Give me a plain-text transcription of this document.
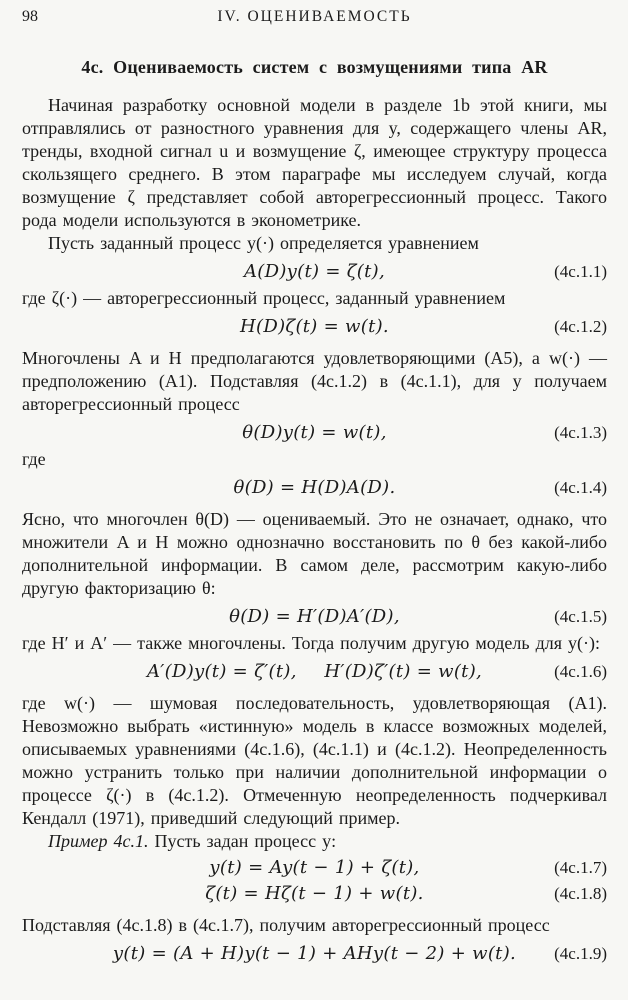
98	IV. ОЦЕНИВАЕМОСТЬ
4c. Оцениваемость систем с возмущениями типа AR

Начиная разработку основной модели в разделе 1b этой книги, мы отправлялись от разностного уравнения для y, содержащего члены AR, тренды, входной сигнал u и возмущение ζ, имеющее структуру процесса скользящего среднего. В этом параграфе мы исследуем случай, когда возмущение ζ представляет собой авторегрессионный процесс. Такого рода модели используются в эконометрике.

Пусть заданный процесс y(·) определяется уравнением

A(D)y(t) = ζ(t),	(4c.1.1)

где ζ(·) — авторегрессионный процесс, заданный уравнением

H(D)ζ(t) = w(t).	(4c.1.2)

Многочлены A и H предполагаются удовлетворяющими (A5), а w(·) — предположению (A1). Подставляя (4c.1.2) в (4c.1.1), для y получаем авторегрессионный процесс

θ(D)y(t) = w(t),	(4c.1.3)

где

θ(D) = H(D)A(D).	(4c.1.4)

Ясно, что многочлен θ(D) — оцениваемый. Это не означает, однако, что множители A и H можно однозначно восстановить по θ без какой-либо дополнительной информации. В самом деле, рассмотрим какую-либо другую факторизацию θ:

θ(D) = H′(D)A′(D),	(4c.1.5)

где H′ и A′ — также многочлены. Тогда получим другую модель для y(·):

A′(D)y(t) = ζ′(t),  H′(D)ζ′(t) = w(t),	(4c.1.6)

где w(·) — шумовая последовательность, удовлетворяющая (A1). Невозможно выбрать «истинную» модель в классе возможных моделей, описываемых уравнениями (4c.1.6), (4c.1.1) и (4c.1.2). Неопределенность можно устранить только при наличии дополнительной информации о процессе ζ(·) в (4c.1.2). Отмеченную неопределенность подчеркивал Кендалл (1971), приведший следующий пример.

Пример 4c.1. Пусть задан процесс y:

y(t) = Ay(t − 1) + ζ(t),	(4c.1.7)
ζ(t) = Hζ(t − 1) + w(t).	(4c.1.8)

Подставляя (4c.1.8) в (4c.1.7), получим авторегрессионный процесс

y(t) = (A + H)y(t − 1) + AHy(t − 2) + w(t). (4c.1.9)
